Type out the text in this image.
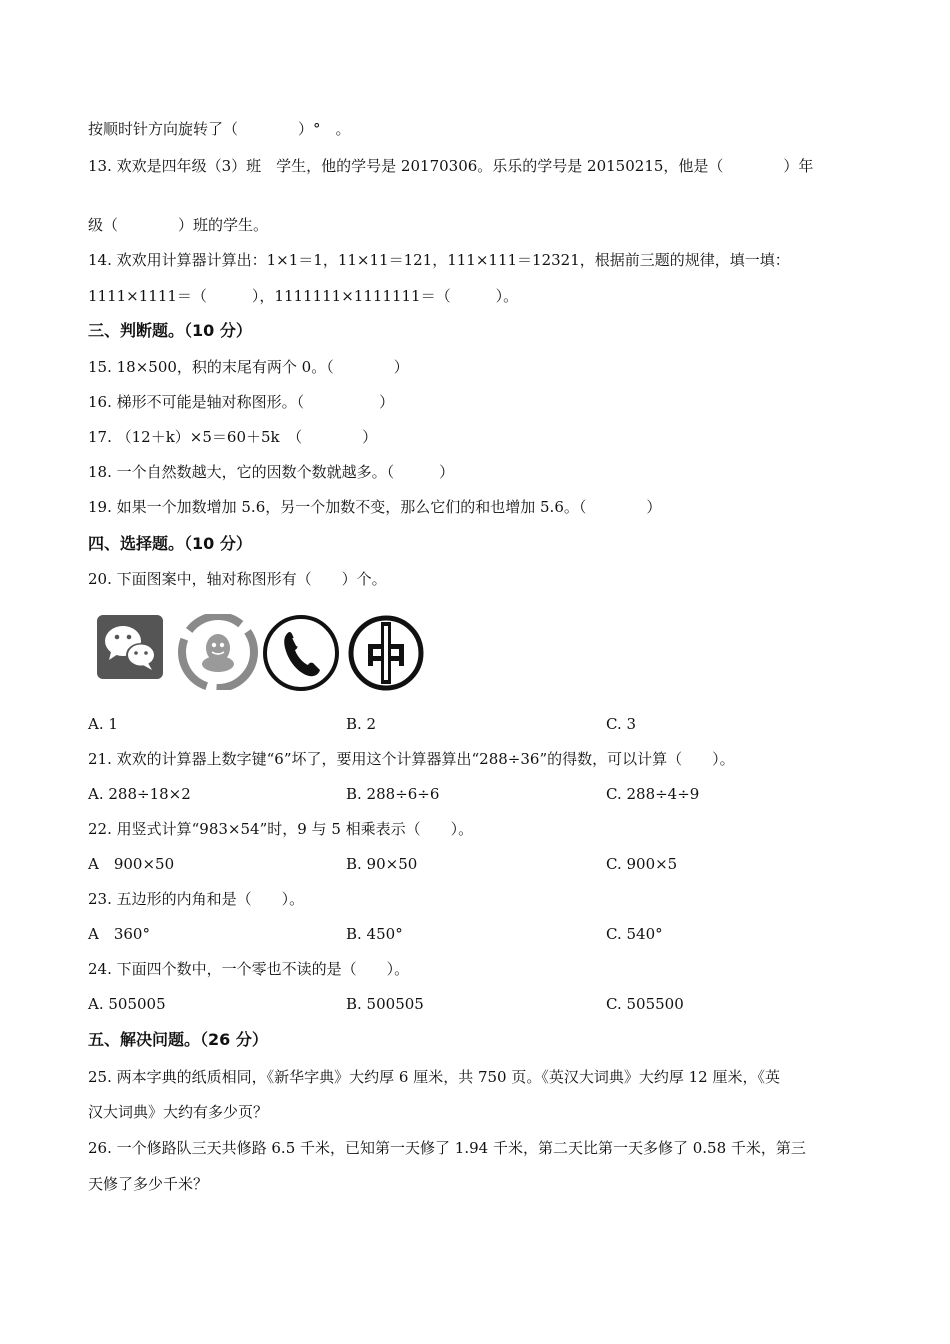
按顺时针方向旋转了（　　　　）°　。
13. 欢欢是四年级（3）班　学生，他的学号是 20170306。乐乐的学号是 20150215，他是（　　　　）年
级（　　　　）班的学生。
14. 欢欢用计算器计算出：1×1＝1，11×11＝121，111×111＝12321，根据前三题的规律，填一填：
1111×1111＝（　　　），1111111×1111111＝（　　　）。
三、判断题。（10 分）
15. 18×500，积的末尾有两个 0。（　　　　）
16. 梯形不可能是轴对称图形。（　　　　　）
17. （12＋k）×5＝60＋5k　（　　　　）
18. 一个自然数越大，它的因数个数就越多。（　　　）
19. 如果一个加数增加 5.6，另一个加数不变，那么它们的和也增加 5.6。（　　　　）
四、选择题。（10 分）
20. 下面图案中，轴对称图形有（　　）个。
A. 1	B. 2	C. 3
21. 欢欢的计算器上数字键“6”坏了，要用这个计算器算出“288÷36”的得数，可以计算（　　）。
A. 288÷18×2	B. 288÷6÷6	C. 288÷4÷9
22. 用竖式计算“983×54”时，9 与 5 相乘表示（　　）。
A　900×50	B. 90×50	C. 900×5
23. 五边形的内角和是（　　）。
A　360°	B. 450°	C. 540°
24. 下面四个数中，一个零也不读的是（　　）。
A. 505005	B. 500505	C. 505500
五、解决问题。（26 分）
25. 两本字典的纸质相同，《新华字典》大约厚 6 厘米，共 750 页。《英汉大词典》大约厚 12 厘米，《英
汉大词典》大约有多少页？
26. 一个修路队三天共修路 6.5 千米，已知第一天修了 1.94 千米，第二天比第一天多修了 0.58 千米，第三
天修了多少千米？
